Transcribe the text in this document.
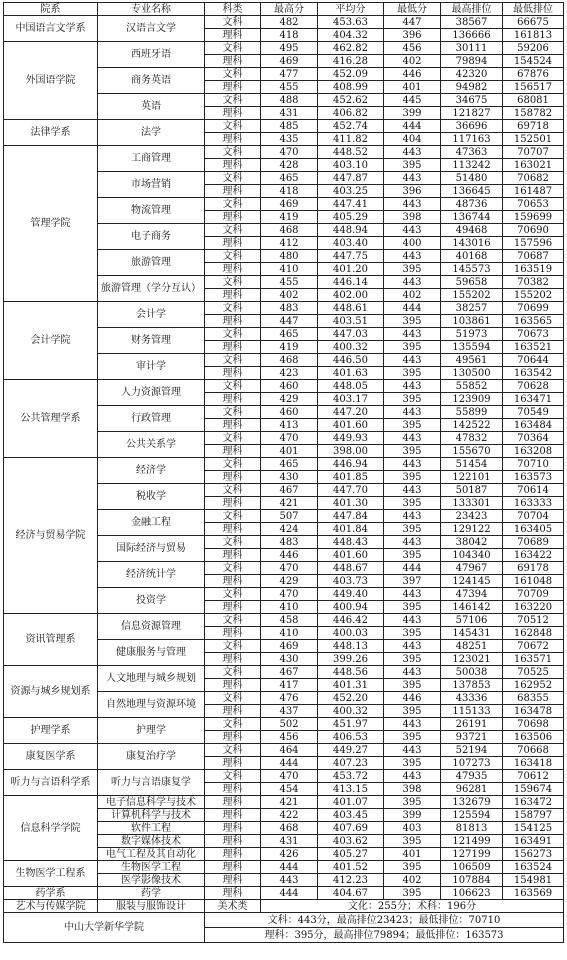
院系	专业名称	科类	最高分	平均分	最低分	最高排位	最低排位
中国语言文学系	汉语言文学	文科	482	453.63	447	38567	66675
		理科	418	404.32	396	136666	161813
外国语学院	西班牙语	文科	495	462.82	456	30111	59206
		理科	469	416.28	402	79894	154524
	商务英语	文科	477	452.09	446	42320	67876
		理科	455	408.99	401	94982	156517
	英语	文科	488	452.62	445	34675	68081
		理科	431	406.82	399	121827	158782
法律学系	法学	文科	485	452.74	444	36696	69718
		理科	435	411.82	404	117163	152501
管理学院	工商管理	文科	470	448.52	443	47363	70707
		理科	428	403.10	395	113242	163021
	市场营销	文科	465	447.87	443	51480	70682
		理科	418	403.25	396	136645	161487
	物流管理	文科	469	447.41	443	48736	70653
		理科	419	405.29	398	136744	159699
	电子商务	文科	468	448.94	443	49468	70690
		理科	412	403.40	400	143016	157596
	旅游管理	文科	480	447.75	443	40168	70687
		理科	410	401.20	395	145573	163519
	旅游管理（学分互认）	文科	455	446.14	443	59658	70382
		理科	402	402.00	402	155202	155202
会计学院	会计学	文科	483	448.61	444	38257	70699
		理科	447	403.51	395	103861	163565
	财务管理	文科	465	447.03	443	51973	70673
		理科	419	400.32	395	135594	163521
	审计学	文科	468	446.50	443	49561	70644
		理科	423	401.63	395	130500	163542
公共管理学系	人力资源管理	文科	460	448.05	443	55852	70628
		理科	429	403.17	395	123909	163471
	行政管理	文科	460	447.20	443	55899	70549
		理科	413	401.60	395	142522	163484
	公共关系学	文科	470	449.93	443	47832	70364
		理科	401	398.00	395	155670	163208
经济与贸易学院	经济学	文科	465	446.94	443	51454	70710
		理科	430	401.85	395	122101	163573
	税收学	文科	467	447.70	443	50187	70614
		理科	421	401.30	395	133301	163333
	金融工程	文科	507	447.84	443	23423	70704
		理科	424	401.84	395	129122	163405
	国际经济与贸易	文科	483	448.43	443	38042	70689
		理科	446	401.60	395	104340	163422
	经济统计学	文科	470	448.67	444	47967	69178
		理科	429	403.73	397	124145	161048
	投资学	文科	470	449.40	443	47394	70709
		理科	410	400.94	395	146142	163220
资讯管理系	信息资源管理	文科	458	446.42	443	57106	70512
		理科	410	400.03	395	145431	162848
	健康服务与管理	文科	469	448.13	443	48251	70672
		理科	430	399.26	395	123021	163571
资源与城乡规划系	人文地理与城乡规划	文科	467	448.56	443	50038	70525
		理科	417	401.31	395	137853	162952
	自然地理与资源环境	文科	476	452.20	446	43336	68355
		理科	437	400.32	395	115133	163478
护理学系	护理学	文科	502	451.97	443	26191	70698
		理科	456	406.53	395	93721	163506
康复医学系	康复治疗学	文科	464	449.27	443	52194	70668
		理科	444	407.23	395	107273	163418
听力与言语科学系	听力与言语康复学	文科	470	453.72	443	47935	70612
		理科	454	413.15	398	96281	159674
信息科学学院	电子信息科学与技术	理科	421	401.07	395	132679	163472
	计算机科学与技术	理科	422	403.45	399	125594	158797
	软件工程	理科	468	407.69	403	81813	154125
	数字媒体技术	理科	431	403.62	395	121499	163491
	电气工程及其自动化	理科	426	405.27	401	127199	156273
生物医学工程系	生物医学工程	理科	444	401.52	395	106509	163524
	医学影像技术	理科	443	412.23	402	107884	154981
药学系	药学	理科	444	404.67	395	106623	163569
艺术与传媒学院	服装与服饰设计	美术类	文化：255分；术科：196分				
中山大学新华学院		文科：443分，最高排位23423；最低排位：70710					
		理科：395分，最高排位79894；最低排位：163573					
